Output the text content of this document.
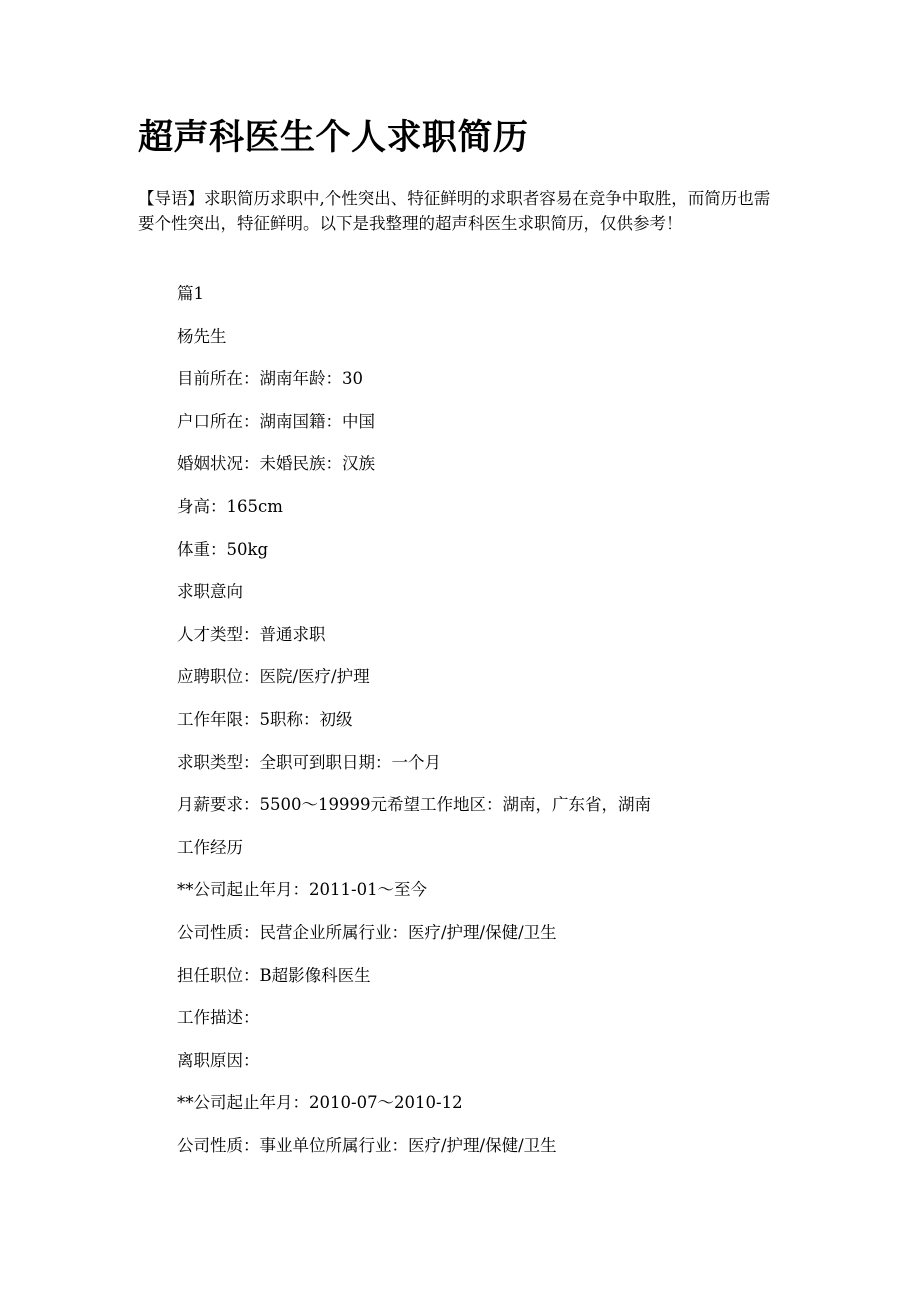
超声科医生个人求职简历

【导语】求职简历求职中,个性突出、特征鲜明的求职者容易在竞争中取胜，而简历也需要个性突出，特征鲜明。以下是我整理的超声科医生求职简历，仅供参考！

篇1
杨先生
目前所在：湖南年龄：30
户口所在：湖南国籍：中国
婚姻状况：未婚民族：汉族
身高：165cm
体重：50kg
求职意向
人才类型：普通求职
应聘职位：医院/医疗/护理
工作年限：5职称：初级
求职类型：全职可到职日期：一个月
月薪要求：5500～19999元希望工作地区：湖南，广东省，湖南
工作经历
**公司起止年月：2011-01～至今
公司性质：民营企业所属行业：医疗/护理/保健/卫生
担任职位：B超影像科医生
工作描述：
离职原因：
**公司起止年月：2010-07～2010-12
公司性质：事业单位所属行业：医疗/护理/保健/卫生
